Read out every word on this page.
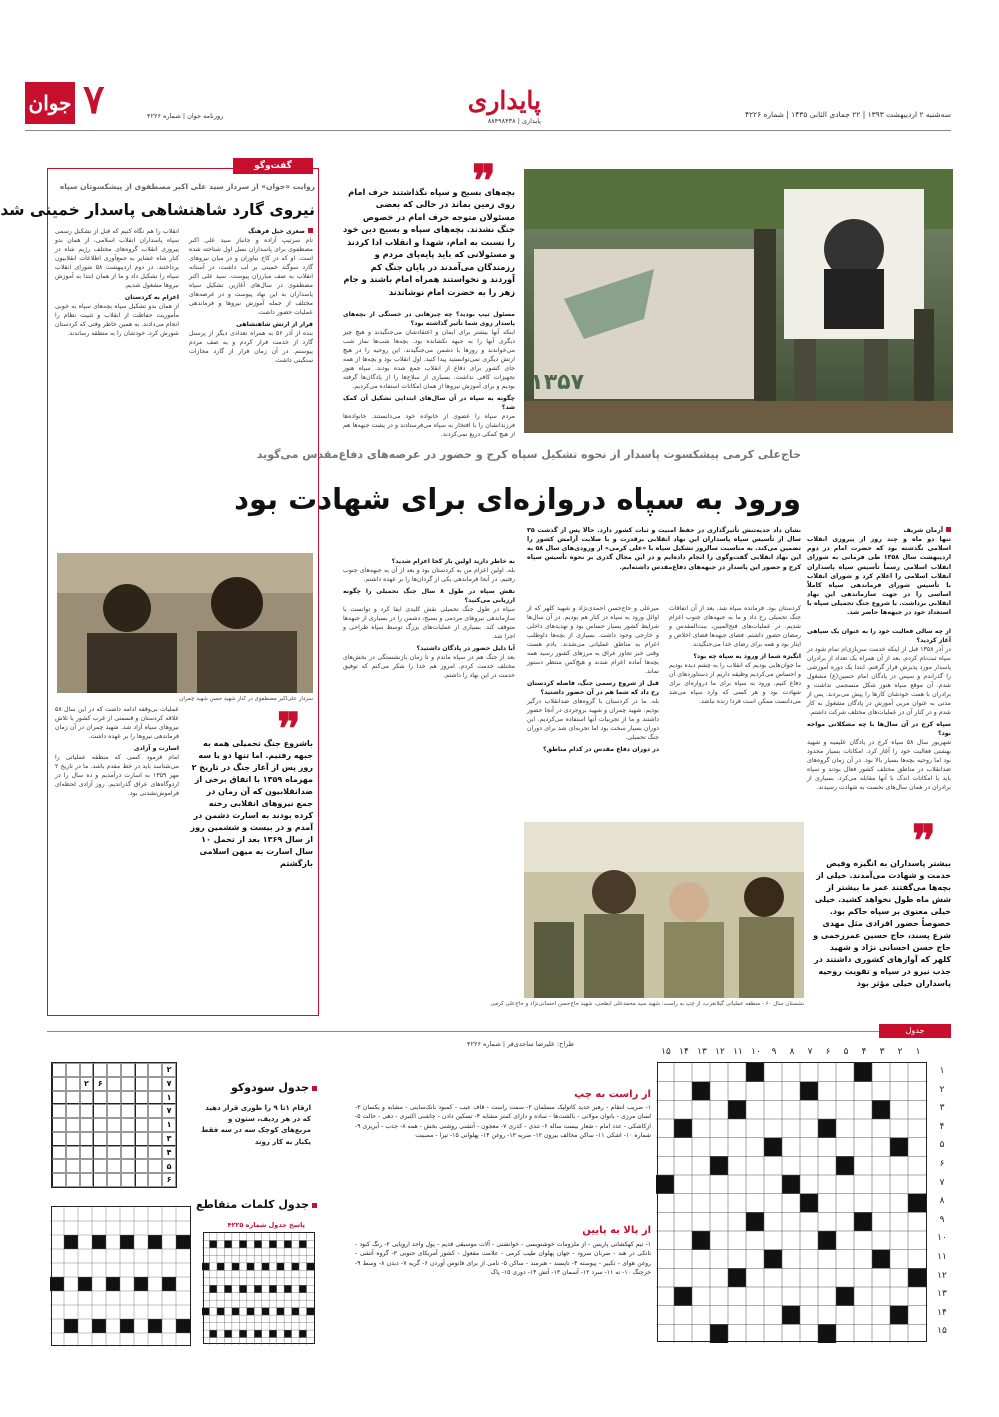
سه‌شنبه ۲ اردیبهشت ۱۳۹۳ | ۲۲ جمادی الثانی ۱۴۳۵ | شماره ۴۲۲۶
پایداری
پایداری | ۸۸۴۹۸۴۳۸
روزنامه جوان | شماره ۴۲۲۶
۷
جوان
۱۳۵۷
❞
بچه‌های بسیج و سپاه نگذاشتند حرف امام روی زمین بماند در حالی که بعضی مسئولان متوجه حرف امام در خصوص جنگ نشدند. بچه‌های سپاه و بسیج دین خود را نسبت به امام، شهدا و انقلاب ادا کردند و مسئولانی که باید پایه‌پای مردم و رزمندگان می‌آمدند در پایان جنگ کم آوردند و نخواستند همراه امام باشند و جام زهر را به حضرت امام نوشاندند
مسئول تیپ بودید؟ چه چیزهایی در خستگی از بچه‌های پاسدار روی شما تأثیر گذاشته بود؟
اینکه آنها بیشتر برای ایمان و اعتقادشان می‌جنگیدند و هیچ چیز دیگری آنها را به جبهه نکشانده بود. بچه‌ها شب‌ها نماز شب می‌خواندند و روزها با دشمن می‌جنگیدند. این روحیه را در هیچ ارتش دیگری نمی‌توانستید پیدا کنید. اول انقلاب بود و بچه‌ها از همه جای کشور برای دفاع از انقلاب جمع شده بودند. سپاه هنوز تجهیزات کافی نداشت. بسیاری از سلاح‌ها را از پادگان‌ها گرفته بودیم و برای آموزش نیروها از همان امکانات استفاده می‌کردیم.
چگونه به سپاه در آن سال‌های ابتدایی تشکیل آن کمک شد؟
مردم سپاه را عضوی از خانواده خود می‌دانستند. خانواده‌ها فرزندانشان را با افتخار به سپاه می‌فرستادند و در پشت جبهه‌ها هم از هیچ کمکی دریغ نمی‌کردند.
حاج‌علی کرمی پیشکسوت پاسدار از نحوه تشکیل سپاه کرج و حضور در عرصه‌های دفاع‌مقدس می‌گوید
ورود به سپاه دروازه‌ای برای شهادت بود
نشان داد جدیه‌تنش تأثیرگذاری در حفظ امنیت و ثبات کشور دارد. حالا پس از گذشت ۳۵ سال از تأسیس سپاه پاسداران این نهاد انقلابی برقدرت و با صلابت آرامش کشور را تضمین می‌کند. به مناسبت سالروز تشکیل سپاه با «علی کرمی» از ورودی‌های سال ۵۸ به این نهاد انقلابی گفت‌وگوی را انجام داده‌ایم و در این مجال گذری بر نحوه تأسیس سپاه کرج و حضور این پاسدار در جبهه‌های دفاع‌مقدس داشته‌ایم.
آرمان شریف
تنها دو ماه و چند روز از پیروزی انقلاب اسلامی نگذشته بود که حضرت امام در دوم اردیبهشت سال ۱۳۵۸ طی فرمانی به شورای انقلاب اسلامی رسماً تأسیس سپاه پاسداران انقلاب اسلامی را اعلام کرد و شورای انقلاب با تأسیس شورای فرماندهی سپاه کاملاً اساسی را در جهت سازماندهی این نهاد انقلابی برداشت. با شروع جنگ تحمیلی سپاه با استعداد خود در جبهه‌ها حاضر شد.
از چه سالی فعالیت خود را به عنوان یک سپاهی آغاز کردید؟
در آذر ۱۳۵۸ قبل از اینکه خدمت سربازی‌ام تمام شود در سپاه ثبت‌نام کردم. بعد از آن همراه یک تعداد از برادران پاسدار مورد پذیرش قرار گرفتم. ابتدا یک دوره آموزشی را گذراندم و سپس در پادگان امام حسین(ع) مشغول شدم. آن موقع سپاه هنوز شکل منسجمی نداشت و برادران با همت خودشان کارها را پیش می‌بردند. پس از مدتی به عنوان مربی آموزش در پادگان مشغول به کار شدم و در کنار آن در عملیات‌های مختلف شرکت داشتم.
سپاه کرج در آن سال‌ها با چه مشکلاتی مواجه بود؟
شهریور سال ۵۸ سپاه کرج در پادگان علیمیه و شهید بهشتی فعالیت خود را آغاز کرد. امکانات بسیار محدود بود اما روحیه بچه‌ها بسیار بالا بود. در آن زمان گروه‌های ضدانقلاب در مناطق مختلف کشور فعال بودند و سپاه باید با امکانات اندک با آنها مقابله می‌کرد. بسیاری از برادران در همان سال‌های نخست به شهادت رسیدند.
کردستان بود. فرمانده سپاه شد. بعد از آن اتفاقات جنگ تحمیلی رخ داد و ما به جبهه‌های جنوب اعزام شدیم. در عملیات‌های فتح‌المبین، بیت‌المقدس و رمضان حضور داشتم. فضای جبهه‌ها فضای اخلاص و ایثار بود و همه برای رضای خدا می‌جنگیدند.
انگیزه شما از ورود به سپاه چه بود؟
ما جوان‌هایی بودیم که انقلاب را به چشم دیده بودیم و احساس می‌کردیم وظیفه داریم از دستاوردهای آن دفاع کنیم. ورود به سپاه برای ما دروازه‌ای برای شهادت بود و هر کسی که وارد سپاه می‌شد می‌دانست ممکن است فردا زنده نباشد.
میرعلی و حاج‌حسن احمدی‌نژاد و شهید کلهر که از اوائل ورود به سپاه در کنار هم بودیم. در آن سال‌ها شرایط کشور بسیار حساس بود و تهدیدهای داخلی و خارجی وجود داشت. بسیاری از بچه‌ها داوطلب اعزام به مناطق عملیاتی می‌شدند. یادم هست وقتی خبر تجاوز عراق به مرزهای کشور رسید همه بچه‌ها آماده اعزام شدند و هیچ‌کس منتظر دستور نماند.
قبل از شروع رسمی جنگ، فاصله کردستان رخ داد که شما هم در آن حضور داشتید؟
بله. ما در کردستان با گروه‌های ضدانقلاب درگیر بودیم. شهید چمران و شهید بروجردی در آنجا حضور داشتند و ما از تجربیات آنها استفاده می‌کردیم. این دوران بسیار سخت بود اما تجربه‌ای شد برای دوران جنگ تحمیلی.
در دوران دفاع مقدس در کدام مناطق؟
به خاطر دارید اولین بار کجا اعزام شدید؟
بله. اولین اعزام من به کردستان بود و بعد از آن به جبهه‌های جنوب رفتیم. در آنجا فرماندهی یکی از گردان‌ها را بر عهده داشتم.
نقش سپاه در طول ۸ سال جنگ تحمیلی را چگونه ارزیابی می‌کنید؟
سپاه در طول جنگ تحمیلی نقش کلیدی ایفا کرد و توانست با سازماندهی نیروهای مردمی و بسیج، دشمن را در بسیاری از جبهه‌ها متوقف کند. بسیاری از عملیات‌های بزرگ توسط سپاه طراحی و اجرا شد.
آیا دلیل حضور در پادگان داشتید؟
بعد از جنگ هم در سپاه ماندم و تا زمان بازنشستگی در بخش‌های مختلف خدمت کردم. امروز هم خدا را شکر می‌کنم که توفیق خدمت در این نهاد را داشتم.
نشستان سال ۶۰ - منطقه عملیاتی گیلانغرب، از چپ به راست: شهید سید محمدعلی ابطحی، شهید حاج‌حسن احسانی‌نژاد و حاج‌علی کرمی
❞
بیشتر پاسداران به انگیزه وفیض خدمت و شهادت می‌آمدند. خیلی از بچه‌ها می‌گفتند عمر ما بیشتر از شش ماه طول نخواهد کشید. خیلی خیلی معنوی بر سپاه حاکم بود. خصوصاً حضور افرادی مثل مهدی شرع پسند، حاج حسین عمرزخمی و حاج حسن احسانی نژاد و شهید کلهر که آوازهای کشوری داشتند در جذب نیرو در سپاه و تقویت روحیه پاسداران خیلی مؤثر بود
گفت‌وگو
روایت «جوان» از سردار سید علی اکبر مصطفوی از پیشکسوتان سپاه
نیروی گارد شاهنشاهی پاسدار خمینی شد
صغری خیل فرهنگ
نام سرتیپ آزاده و جانباز سید علی اکبر مصطفوی برای پاسداران نسل اول شناخته شده است. او که در کاخ نیاوران و در میان نیروهای گارد سوگند خمینی بر لب داشت، در آستانه انقلاب به صف مبارزان پیوست. سید علی اکبر مصطفوی در سال‌های آغازین تشکیل سپاه پاسداران به این نهاد پیوست و در عرصه‌های مختلف از جمله آموزش نیروها و فرماندهی عملیات حضور داشت.
قرار از ارتش شاهنشاهی
بنده از آذر ۵۶ به همراه تعدادی دیگر از پرسنل گارد از خدمت فرار کردم و به صف مردم پیوستم. در آن زمان فرار از گارد مجازات سنگینی داشت.
انقلاب را هم نگاه کنیم که قبل از تشکیل رسمی سپاه پاسداران انقلاب اسلامی، از همان بدو پیروزی انقلاب گروه‌های مختلف رژیم شاه در کنار شاه عشایر به جمع‌آوری اطلاعات انقلابیون پرداختند. در دوم اردیبهشت ۵۸ شورای انقلاب سپاه را تشکیل داد و ما از همان ابتدا به آموزش نیروها مشغول شدیم.
اعزام به کردستان
از همان بدو تشکیل سپاه بچه‌های سپاه به خوبی مأموریت حفاظت از انقلاب و تثبیت نظام را انجام می‌دادند. به همین خاطر وقتی که کردستان شورش کرد، خودشان را به منطقه رساندند.
سردار علی‌اکبر مصطفوی در کنار شهید حسن شهید چمران
❞
باشروع جنگ تحمیلی همه به جبهه رفتیم. اما تنها دو یا سه روز پس از آغاز جنگ در تاریخ ۲ مهرماه ۱۳۵۹ با اتفاق برخی از ضدانقلابیون که آن زمان در جمع نیروهای انقلابی رخنه کرده بودند به اسارت دشمن در آمدم و در بیست و ششمین روز از سال ۱۳۶۹ بعد از تحمل ۱۰ سال اسارت به میهن اسلامی بازگشتم
عملیات بی‌وقفه ادامه داشت که در این سال ۵۸ علاقه کردستان و قسمتی از غرب کشور با تلاش نیروهای سپاه آزاد شد. شهید چمران در آن زمان فرماندهی نیروها را بر عهده داشت.
اسارت و آزادی
امام فرمود کسی که منطقه عملیاتی را می‌شناسد باید در خط مقدم باشد. ما در تاریخ ۲ مهر ۱۳۵۹ به اسارت درآمدیم و ده سال را در اردوگاه‌های عراق گذراندیم. روز آزادی لحظه‌ای فراموش‌نشدنی بود.
جدول
طراح: علیرضا ساجدی‌فر | شماره ۴۲۲۶
۱
۲
۳
۴
۵
۶
۷
۸
۹
۱۰
۱۱
۱۲
۱۳
۱۴
۱۵
۱
۲
۳
۴
۵
۶
۷
۸
۹
۱۰
۱۱
۱۲
۱۳
۱۴
۱۵
از راست به چپ
۱- ضریب انتقام - رهبر جدید کاتولیک مسلمان ۲- سمت راست - قاف عیب - کمبود بانک‌ساینی - مشابه و یکسان ۳- لسان مرزی - بانوان مولانی - بالشت‌ها - ساده و دارای کمتر مشابه ۴- تسکین دادن - چاشنی اکتبری - دهی - حالت ۵- ازکاشکی - عدد امام - شعار بیست ساله ۶- تندی - کدری ۷- معجون - آتشنی روشنی بخش - همه ۸- جذب - آبریزی ۹- شماره ۱۰- اشکی ۱۱- ساکن مخالف بیرون ۱۲- ضربه ۱۳- روغن ۱۴- پهلوانی ۱۵- تیرا - مصیبت
از بالا به پایین
۱- تیم کهکشانی پاریس - از ملزومات خوشنویسی - خوانشنی - آلات موسیقی قدیم - پول واحد اروپایی ۲- رنگ کبود - تانکی در هند - ضربان سرود - جهان پهلوان طیب کرمی - علامت مفعول - کشور آمریکای جنوبی ۳- گروه آتشی - روغن هوای - تکبیر - پیوسته ۴- ناپسند - هنرمند - ساکن ۵- نامی از برای فانوس آوردن ۶- گریه ۷- دیدن ۸- وسط ۹- خرچنگ ۱۰- نه ۱۱- سرد ۱۲- آسمان ۱۳- آتش ۱۴- دوری ۱۵- پاک
جدول سودوکو
ارقام ۱تا ۹ را طوری قرار دهید که در هر ردیف، ستون و مربع‌های کوچک سه در سه فقط یکبار به کار روند
۲
۷
۶
۲
۱
۷
۱
۳
۴
۵
۶
جدول کلمات متقاطع
پاسخ جدول شماره ۴۲۲۵
